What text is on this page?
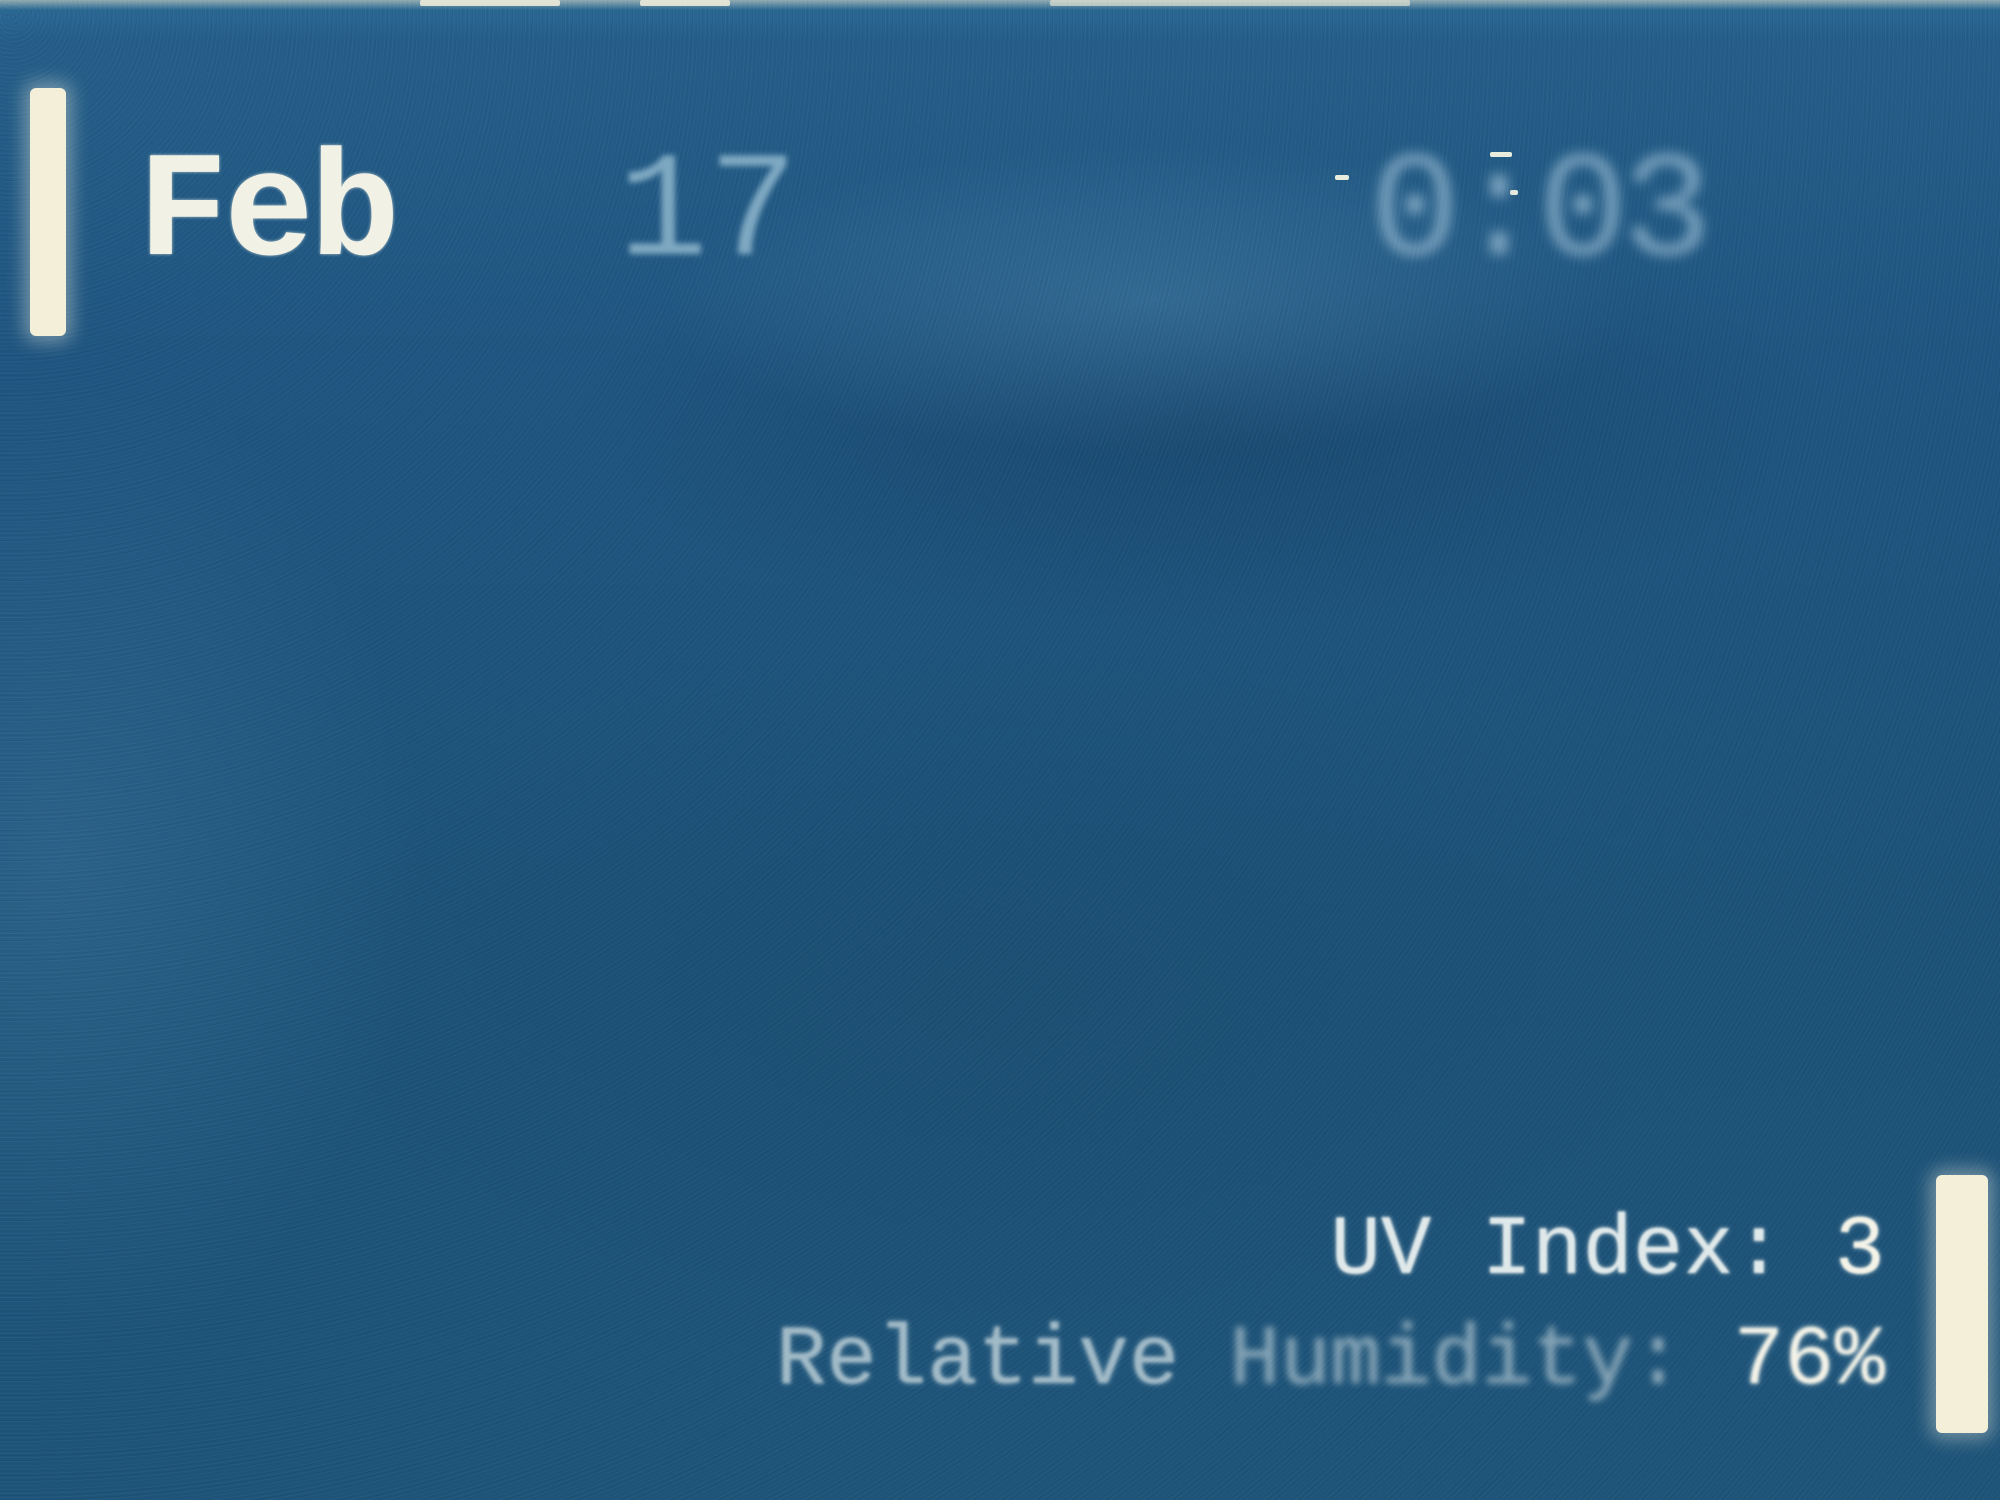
Feb 17	0:03
UV Index: 3
Relative Humidity: 76%
